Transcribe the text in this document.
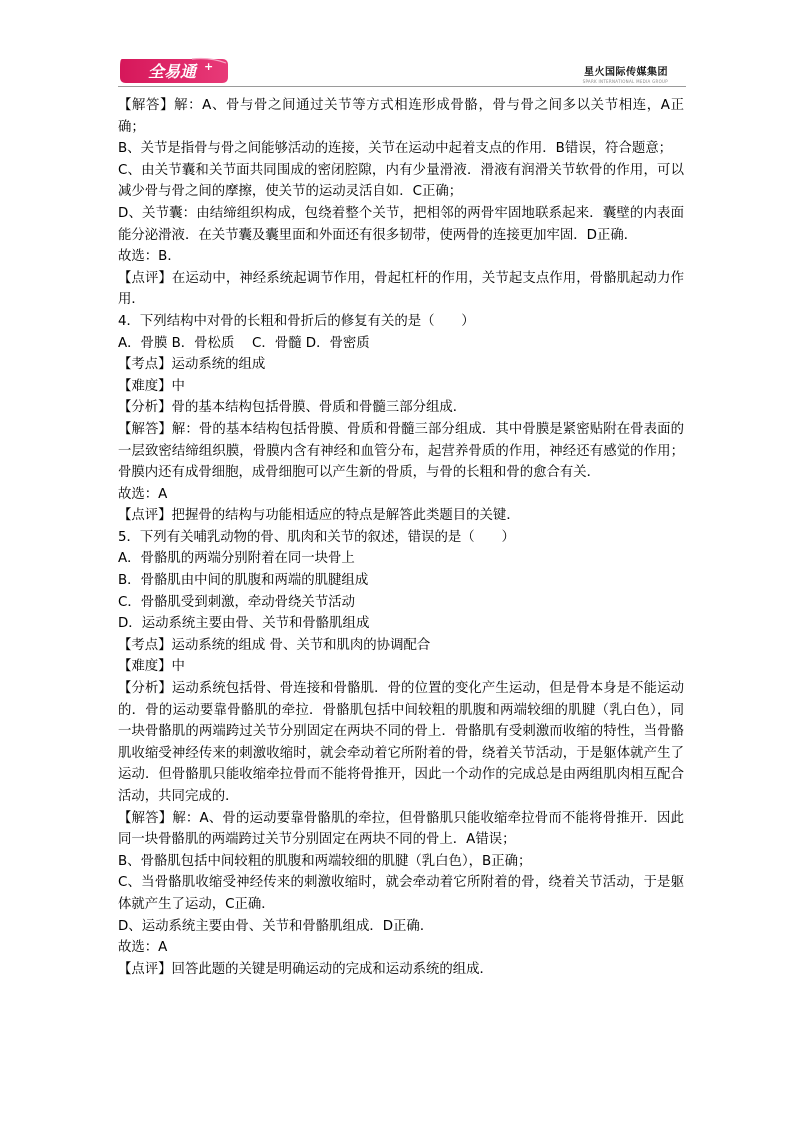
全易通 +	星火国际传媒集团
SPARK INTERNATIONAL MEDIA GROUP

【解答】解：A、骨与骨之间通过关节等方式相连形成骨骼，骨与骨之间多以关节相连，A正确；

B、关节是指骨与骨之间能够活动的连接，关节在运动中起着支点的作用．B错误，符合题意；

C、由关节囊和关节面共同围成的密闭腔隙，内有少量滑液．滑液有润滑关节软骨的作用，可以减少骨与骨之间的摩擦，使关节的运动灵活自如．C正确；

D、关节囊：由结缔组织构成，包绕着整个关节，把相邻的两骨牢固地联系起来．囊壁的内表面能分泌滑液．在关节囊及囊里面和外面还有很多韧带，使两骨的连接更加牢固．D正确．

故选：B．

【点评】在运动中，神经系统起调节作用，骨起杠杆的作用，关节起支点作用，骨骼肌起动力作用．

4．下列结构中对骨的长粗和骨折后的修复有关的是（　　）

A．骨膜 B．骨松质　 C．骨髓 D．骨密质

【考点】运动系统的组成

【难度】中

【分析】骨的基本结构包括骨膜、骨质和骨髓三部分组成．

【解答】解：骨的基本结构包括骨膜、骨质和骨髓三部分组成．其中骨膜是紧密贴附在骨表面的一层致密结缔组织膜，骨膜内含有神经和血管分布，起营养骨质的作用，神经还有感觉的作用；骨膜内还有成骨细胞，成骨细胞可以产生新的骨质，与骨的长粗和骨的愈合有关．

故选：A

【点评】把握骨的结构与功能相适应的特点是解答此类题目的关键．

5．下列有关哺乳动物的骨、肌肉和关节的叙述，错误的是（　　）

A．骨骼肌的两端分别附着在同一块骨上

B．骨骼肌由中间的肌腹和两端的肌腱组成

C．骨骼肌受到刺激，牵动骨绕关节活动

D．运动系统主要由骨、关节和骨骼肌组成

【考点】运动系统的组成 骨、关节和肌肉的协调配合

【难度】中

【分析】运动系统包括骨、骨连接和骨骼肌．骨的位置的变化产生运动，但是骨本身是不能运动的．骨的运动要靠骨骼肌的牵拉．骨骼肌包括中间较粗的肌腹和两端较细的肌腱（乳白色），同一块骨骼肌的两端跨过关节分别固定在两块不同的骨上．骨骼肌有受刺激而收缩的特性，当骨骼肌收缩受神经传来的刺激收缩时，就会牵动着它所附着的骨，绕着关节活动，于是躯体就产生了运动．但骨骼肌只能收缩牵拉骨而不能将骨推开，因此一个动作的完成总是由两组肌肉相互配合活动，共同完成的．

【解答】解：A、骨的运动要靠骨骼肌的牵拉，但骨骼肌只能收缩牵拉骨而不能将骨推开．因此同一块骨骼肌的两端跨过关节分别固定在两块不同的骨上．A错误；

B、骨骼肌包括中间较粗的肌腹和两端较细的肌腱（乳白色），B正确；

C、当骨骼肌收缩受神经传来的刺激收缩时，就会牵动着它所附着的骨，绕着关节活动，于是躯体就产生了运动，C正确．

D、运动系统主要由骨、关节和骨骼肌组成．D正确．

故选：A

【点评】回答此题的关键是明确运动的完成和运动系统的组成．
